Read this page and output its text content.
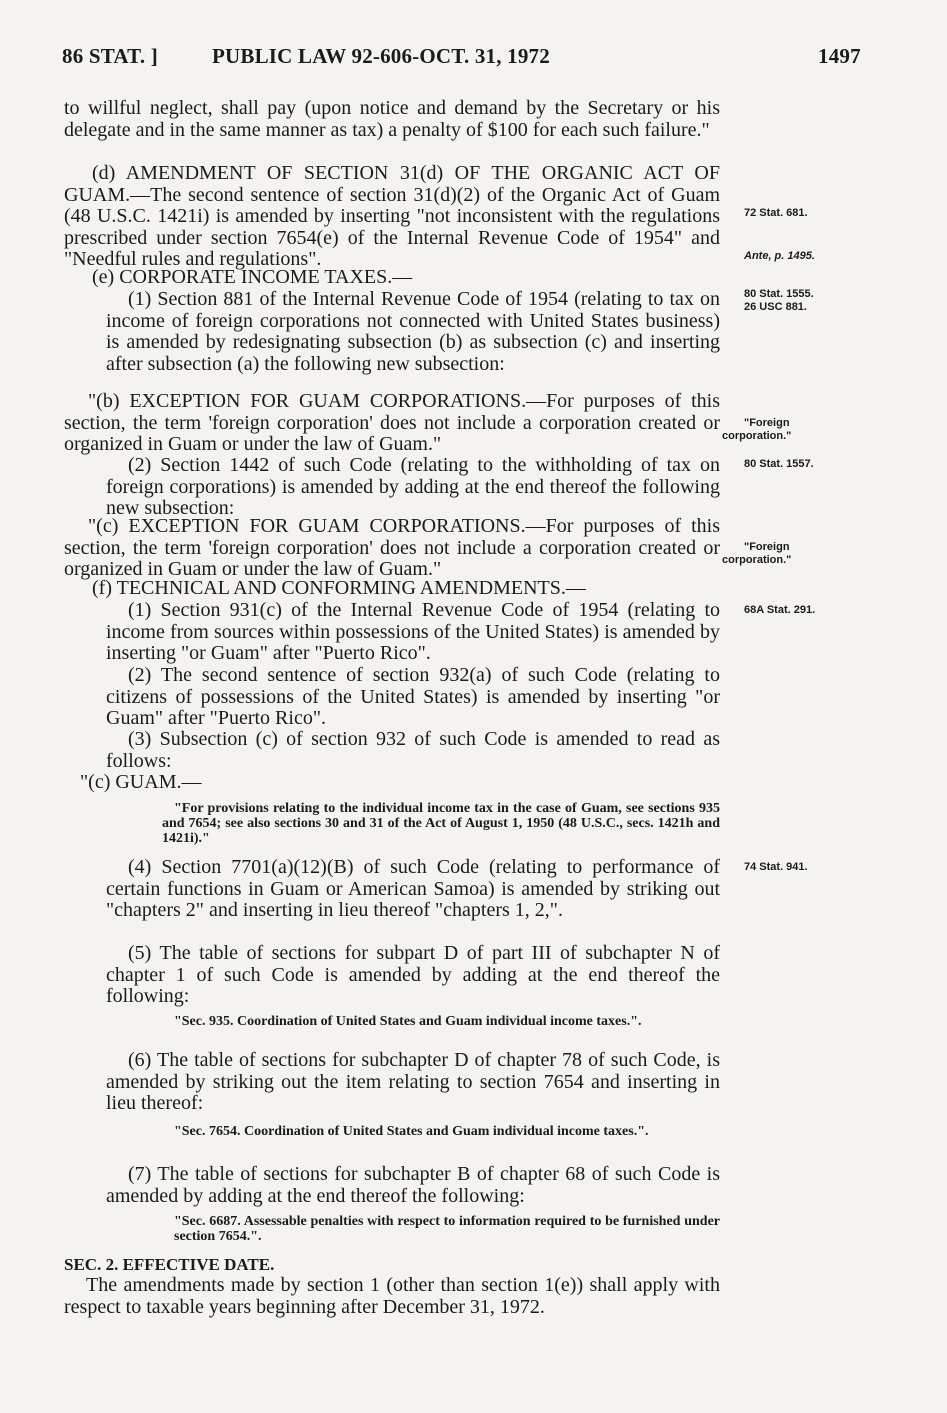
86 STAT. ]	PUBLIC LAW 92-606-OCT. 31, 1972	1497

to willful neglect, shall pay (upon notice and demand by the Secretary or his delegate and in the same manner as tax) a penalty of $100 for each such failure."

(d) AMENDMENT OF SECTION 31(d) OF THE ORGANIC ACT OF GUAM.—The second sentence of section 31(d)(2) of the Organic Act of Guam (48 U.S.C. 1421i) is amended by inserting "not inconsistent with the regulations prescribed under section 7654(e) of the Internal Revenue Code of 1954" and "Needful rules and regulations".

(e) CORPORATE INCOME TAXES.—

(1) Section 881 of the Internal Revenue Code of 1954 (relating to tax on income of foreign corporations not connected with United States business) is amended by redesignating subsection (b) as subsection (c) and inserting after subsection (a) the following new subsection:

"(b) EXCEPTION FOR GUAM CORPORATIONS.—For purposes of this section, the term 'foreign corporation' does not include a corporation created or organized in Guam or under the law of Guam."

(2) Section 1442 of such Code (relating to the withholding of tax on foreign corporations) is amended by adding at the end thereof the following new subsection:

"(c) EXCEPTION FOR GUAM CORPORATIONS.—For purposes of this section, the term 'foreign corporation' does not include a corporation created or organized in Guam or under the law of Guam."

(f) TECHNICAL AND CONFORMING AMENDMENTS.—

(1) Section 931(c) of the Internal Revenue Code of 1954 (relating to income from sources within possessions of the United States) is amended by inserting "or Guam" after "Puerto Rico".

(2) The second sentence of section 932(a) of such Code (relating to citizens of possessions of the United States) is amended by inserting "or Guam" after "Puerto Rico".

(3) Subsection (c) of section 932 of such Code is amended to read as follows:

"(c) GUAM.—

"For provisions relating to the individual income tax in the case of Guam, see sections 935 and 7654; see also sections 30 and 31 of the Act of August 1, 1950 (48 U.S.C., secs. 1421h and 1421i)."

(4) Section 7701(a)(12)(B) of such Code (relating to performance of certain functions in Guam or American Samoa) is amended by striking out "chapters 2" and inserting in lieu thereof "chapters 1, 2,".

(5) The table of sections for subpart D of part III of subchapter N of chapter 1 of such Code is amended by adding at the end thereof the following:

"Sec. 935. Coordination of United States and Guam individual income taxes.".

(6) The table of sections for subchapter D of chapter 78 of such Code, is amended by striking out the item relating to section 7654 and inserting in lieu thereof:

"Sec. 7654. Coordination of United States and Guam individual income taxes.".

(7) The table of sections for subchapter B of chapter 68 of such Code is amended by adding at the end thereof the following:

"Sec. 6687. Assessable penalties with respect to information required to be furnished under section 7654.".

SEC. 2. EFFECTIVE DATE.

The amendments made by section 1 (other than section 1(e)) shall apply with respect to taxable years beginning after December 31, 1972.

72 Stat. 681.
Ante, p. 1495.
80 Stat. 1555.
26 USC 881.
"Foreign corporation."
80 Stat. 1557.
"Foreign corporation."
68A Stat. 291.
74 Stat. 941.
